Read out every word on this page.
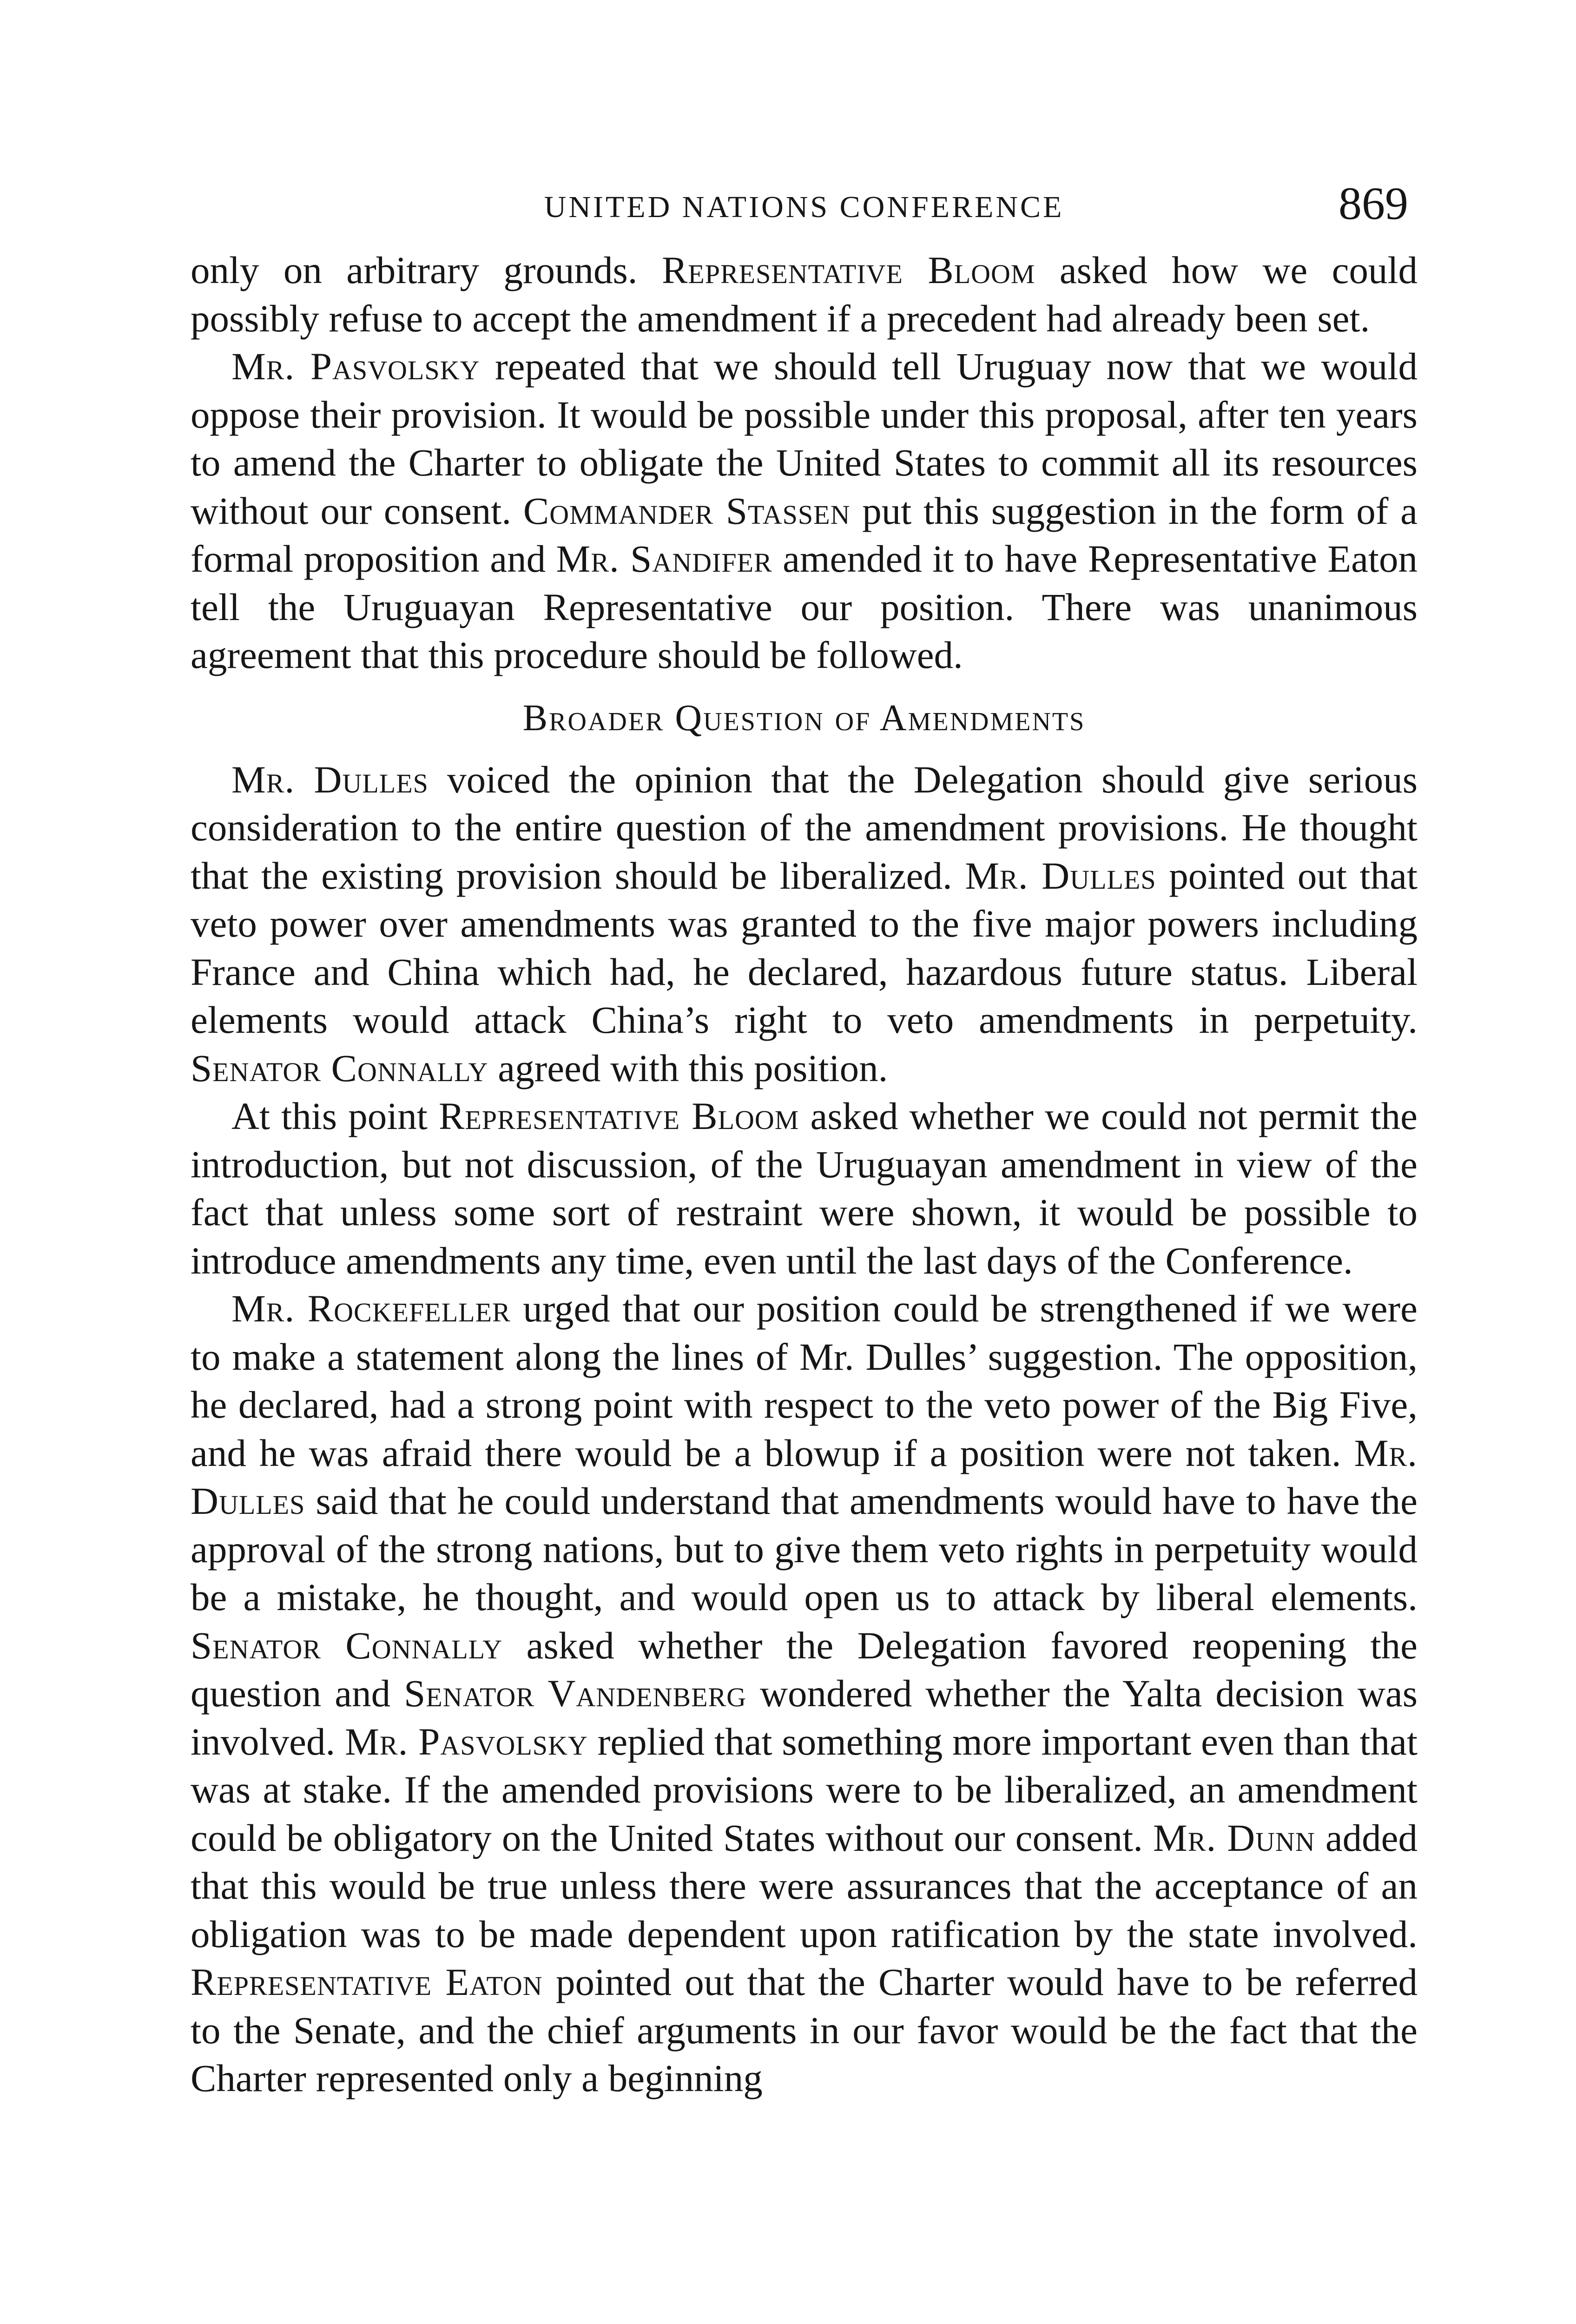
UNITED NATIONS CONFERENCE	869

only on arbitrary grounds. Representative Bloom asked how we could possibly refuse to accept the amendment if a precedent had already been set.

Mr. Pasvolsky repeated that we should tell Uruguay now that we would oppose their provision. It would be possible under this proposal, after ten years to amend the Charter to obligate the United States to commit all its resources without our consent. Commander Stassen put this suggestion in the form of a formal proposition and Mr. Sandifer amended it to have Representative Eaton tell the Uruguayan Representative our position. There was unanimous agreement that this procedure should be followed.

Broader Question of Amendments

Mr. Dulles voiced the opinion that the Delegation should give serious consideration to the entire question of the amendment provisions. He thought that the existing provision should be liberalized. Mr. Dulles pointed out that veto power over amendments was granted to the five major powers including France and China which had, he declared, hazardous future status. Liberal elements would attack China’s right to veto amendments in perpetuity. Senator Connally agreed with this position.

At this point Representative Bloom asked whether we could not permit the introduction, but not discussion, of the Uruguayan amendment in view of the fact that unless some sort of restraint were shown, it would be possible to introduce amendments any time, even until the last days of the Conference.

Mr. Rockefeller urged that our position could be strengthened if we were to make a statement along the lines of Mr. Dulles’ suggestion. The opposition, he declared, had a strong point with respect to the veto power of the Big Five, and he was afraid there would be a blowup if a position were not taken. Mr. Dulles said that he could understand that amendments would have to have the approval of the strong nations, but to give them veto rights in perpetuity would be a mistake, he thought, and would open us to attack by liberal elements. Senator Connally asked whether the Delegation favored reopening the question and Senator Vandenberg wondered whether the Yalta decision was involved. Mr. Pasvolsky replied that something more important even than that was at stake. If the amended provisions were to be liberalized, an amendment could be obligatory on the United States without our consent. Mr. Dunn added that this would be true unless there were assurances that the acceptance of an obligation was to be made dependent upon ratification by the state involved. Representative Eaton pointed out that the Charter would have to be referred to the Senate, and the chief arguments in our favor would be the fact that the Charter represented only a beginning
